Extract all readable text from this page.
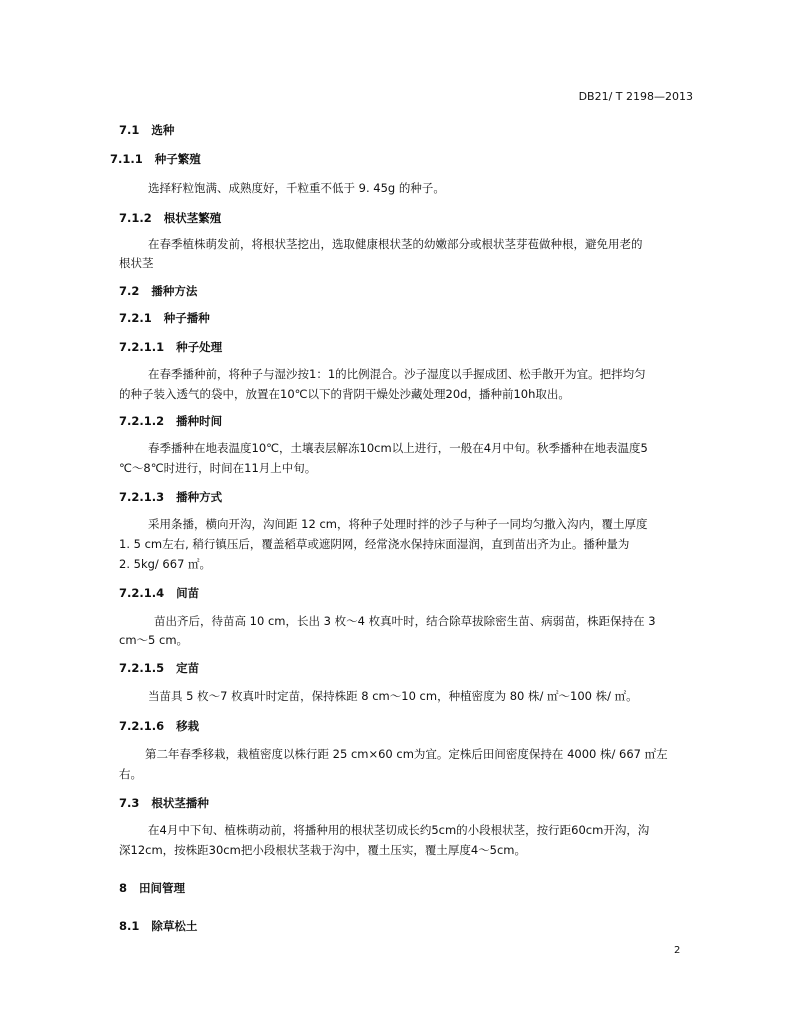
DB21/ T 2198—2013
7.1 选种
7.1.1 种子繁殖
选择籽粒饱满、成熟度好，千粒重不低于 9. 45g 的种子。
7.1.2 根状茎繁殖
在春季植株萌发前，将根状茎挖出，选取健康根状茎的幼嫩部分或根状茎芽苞做种根，避免用老的
根状茎
7.2 播种方法
7.2.1 种子播种
7.2.1.1 种子处理
在春季播种前，将种子与湿沙按1：1的比例混合。沙子湿度以手握成团、松手散开为宜。把拌均匀
的种子装入透气的袋中，放置在10℃以下的背阴干燥处沙藏处理20d，播种前10h取出。
7.2.1.2 播种时间
春季播种在地表温度10℃，土壤表层解冻10cm以上进行，一般在4月中旬。秋季播种在地表温度5
℃～8℃时进行，时间在11月上中旬。
7.2.1.3 播种方式
采用条播，横向开沟，沟间距 12 cm，将种子处理时拌的沙子与种子一同均匀撒入沟内，覆土厚度
1. 5 cm左右, 稍行镇压后，覆盖稻草或遮阴网，经常浇水保持床面湿润，直到苗出齐为止。播种量为
2. 5kg/ 667 ㎡。
7.2.1.4 间苗
苗出齐后，待苗高 10 cm，长出 3 枚～4 枚真叶时，结合除草拔除密生苗、病弱苗，株距保持在 3
cm～5 cm。
7.2.1.5 定苗
当苗具 5 枚～7 枚真叶时定苗，保持株距 8 cm～10 cm，种植密度为 80 株/ ㎡～100 株/ ㎡。
7.2.1.6 移栽
第二年春季移栽，栽植密度以株行距 25 cm×60 cm为宜。定株后田间密度保持在 4000 株/ 667 ㎡左
右。
7.3 根状茎播种
在4月中下旬、植株萌动前，将播种用的根状茎切成长约5cm的小段根状茎，按行距60cm开沟，沟
深12cm，按株距30cm把小段根状茎栽于沟中，覆土压实，覆土厚度4～5cm。
8 田间管理
8.1 除草松土
2
